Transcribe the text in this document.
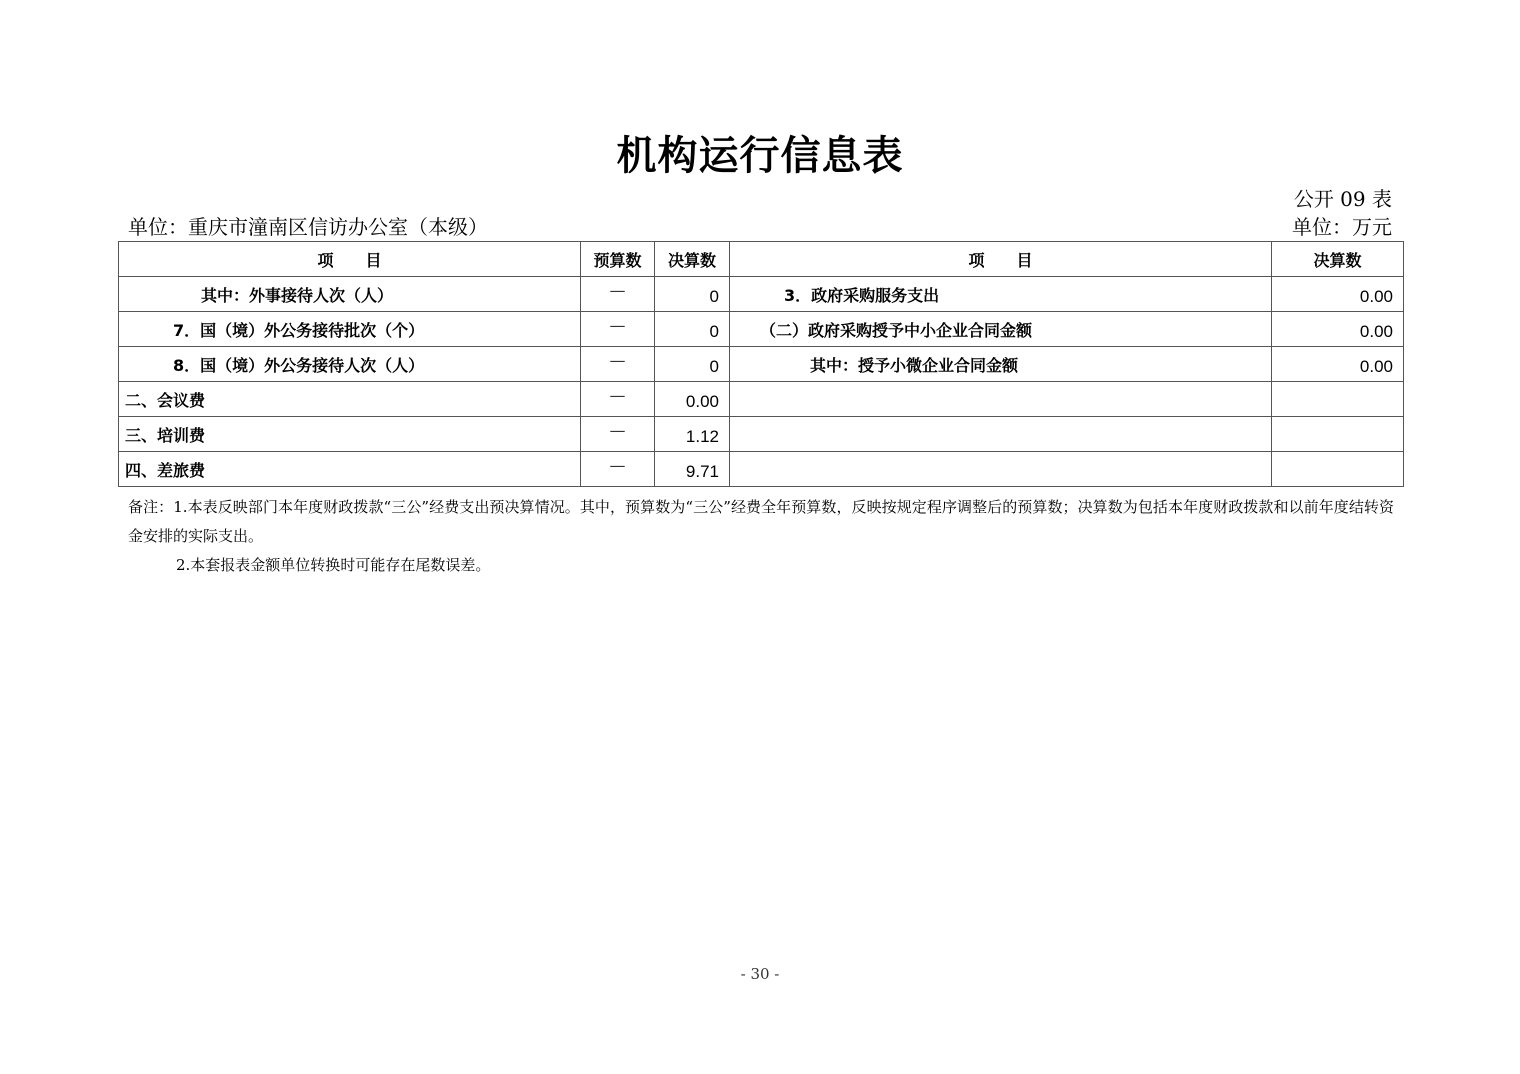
机构运行信息表
公开 09 表
单位：重庆市潼南区信访办公室（本级）	单位：万元
项　　目	预算数	决算数	项　　目	决算数
其中：外事接待人次（人）	—	0	3．政府采购服务支出	0.00
7．国（境）外公务接待批次（个）	—	0	（二）政府采购授予中小企业合同金额	0.00
8．国（境）外公务接待人次（人）	—	0	其中：授予小微企业合同金额	0.00
二、会议费	—	0.00		
三、培训费	—	1.12		
四、差旅费	—	9.71		
备注：1.本表反映部门本年度财政拨款“三公”经费支出预决算情况。其中，预算数为“三公”经费全年预算数，反映按规定程序调整后的预算数；决算数为包括本年度财政拨款和以前年度结转资金安排的实际支出。
2.本套报表金额单位转换时可能存在尾数误差。
- 30 -
